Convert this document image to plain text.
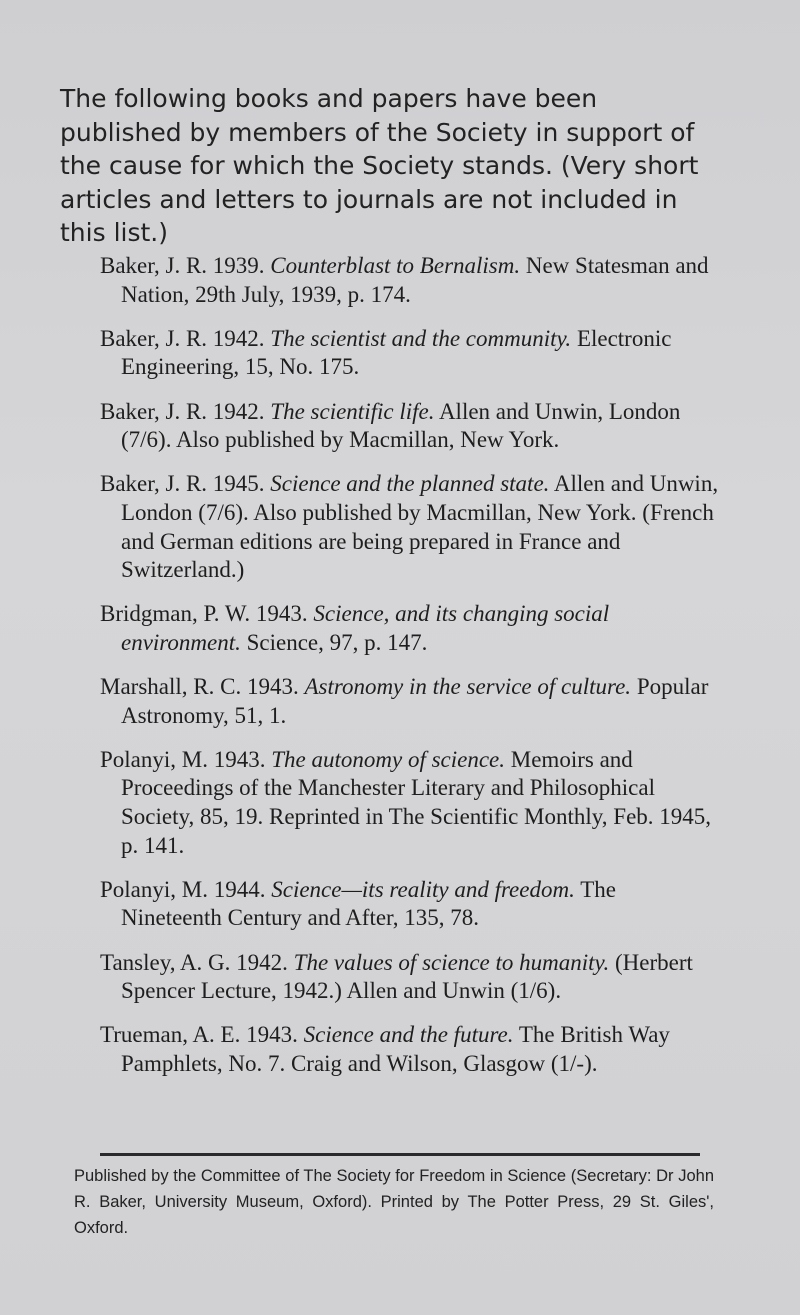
The following books and papers have been published by members of the Society in support of the cause for which the Society stands. (Very short articles and letters to journals are not included in this list.)

Baker, J. R. 1939. Counterblast to Bernalism. New Statesman and Nation, 29th July, 1939, p. 174.

Baker, J. R. 1942. The scientist and the community. Electronic Engineering, 15, No. 175.

Baker, J. R. 1942. The scientific life. Allen and Unwin, London (7/6). Also published by Macmillan, New York.

Baker, J. R. 1945. Science and the planned state. Allen and Unwin, London (7/6). Also published by Macmillan, New York. (French and German editions are being prepared in France and Switzerland.)

Bridgman, P. W. 1943. Science, and its changing social environment. Science, 97, p. 147.

Marshall, R. C. 1943. Astronomy in the service of culture. Popular Astronomy, 51, 1.

Polanyi, M. 1943. The autonomy of science. Memoirs and Proceedings of the Manchester Literary and Philosophical Society, 85, 19. Reprinted in The Scientific Monthly, Feb. 1945, p. 141.

Polanyi, M. 1944. Science—its reality and freedom. The Nineteenth Century and After, 135, 78.

Tansley, A. G. 1942. The values of science to humanity. (Herbert Spencer Lecture, 1942.) Allen and Unwin (1/6).

Trueman, A. E. 1943. Science and the future. The British Way Pamphlets, No. 7. Craig and Wilson, Glasgow (1/-).

Published by the Committee of The Society for Freedom in Science (Secretary: Dr John R. Baker, University Museum, Oxford). Printed by The Potter Press, 29 St. Giles', Oxford.
